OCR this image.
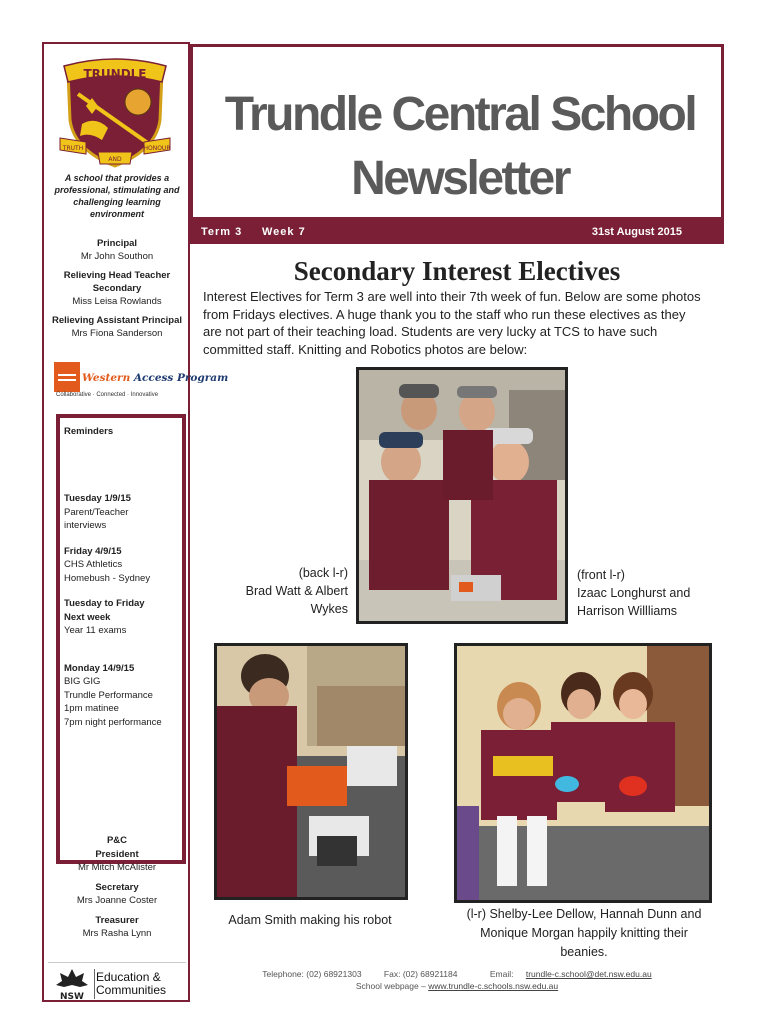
TRUNDLE
TRUTH
AND
HONOUR
A school that provides a professional, stimulating and challenging learning environment
Principal
Mr John Southon
Relieving Head Teacher Secondary
Miss Leisa Rowlands
Relieving Assistant Principal
Mrs Fiona Sanderson
Western Access Program
Collaborative · Connected · Innovative
Reminders
Tuesday 1/9/15
Parent/Teacher
interviews
Friday 4/9/15
CHS Athletics
Homebush - Sydney
Tuesday to Friday
Next week
Year 11 exams
Monday 14/9/15
BIG GIG
Trundle Performance
1pm matinee
7pm night performance
P&C
President
Mr Mitch McAlister
Secretary
Mrs Joanne Coster
Treasurer
Mrs Rasha Lynn
NSW
Education &
Communities
Trundle Central School
Newsletter
Term 3 Week 7	31st August 2015
Secondary Interest Electives
Interest Electives for Term 3 are well into their 7th week of fun. Below are some photos from Fridays electives. A huge thank you to the staff who run these electives as they are not part of their teaching load. Students are very lucky at TCS to have such committed staff. Knitting and Robotics photos are below:
(back l-r)
Brad Watt & Albert
Wykes
(front l-r)
Izaac Longhurst and
Harrison Willliams
Adam Smith making his robot	(l-r) Shelby-Lee Dellow, Hannah Dunn and Monique Morgan happily knitting their beanies.
Telephone: (02) 68921303	Fax: (02) 68921184	Email: trundle-c.school@det.nsw.edu.au
School webpage – www.trundle-c.schools.nsw.edu.au
